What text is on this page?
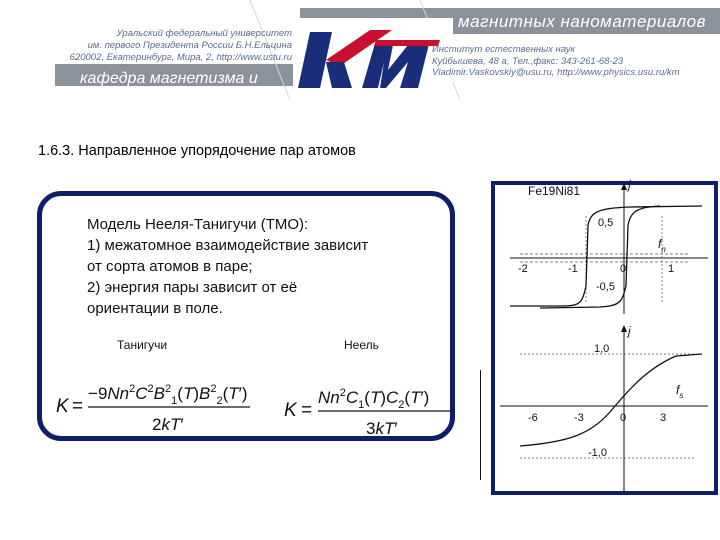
Уральский федеральный университет
им. первого Президента России Б.Н.Ельцина
620002, Екатеринбург, Мира, 2, http://www.ustu.ru
кафедра магнетизма и
магнитных наноматериалов
Институт естественных наук
Куйбышева, 48 а, Тел.,факс: 343-261-68-23
Vladimir.Vaskovskiy@usu.ru, http://www.physics.usu.ru/km
1.6.3. Направленное упорядочение пар атомов
Модель Нееля-Танигучи (ТМО):
1) межатомное взаимодействие зависит
от сорта атомов в паре;
2) энергия пары зависит от её
ориентации в поле.
Танигучи	Неель
K =
$-9Nn^2C^2B^2_1(T)B^2_2(T')$
2kT′
K =
$Nn^2C_1(T)C_2(T')$
3kT′
Fe19Ni81	j
$f_n$
-2	-1	0	1
0,5
-0,5
j
$f_s$
-6	-3	0	3
1,0
-1,0
